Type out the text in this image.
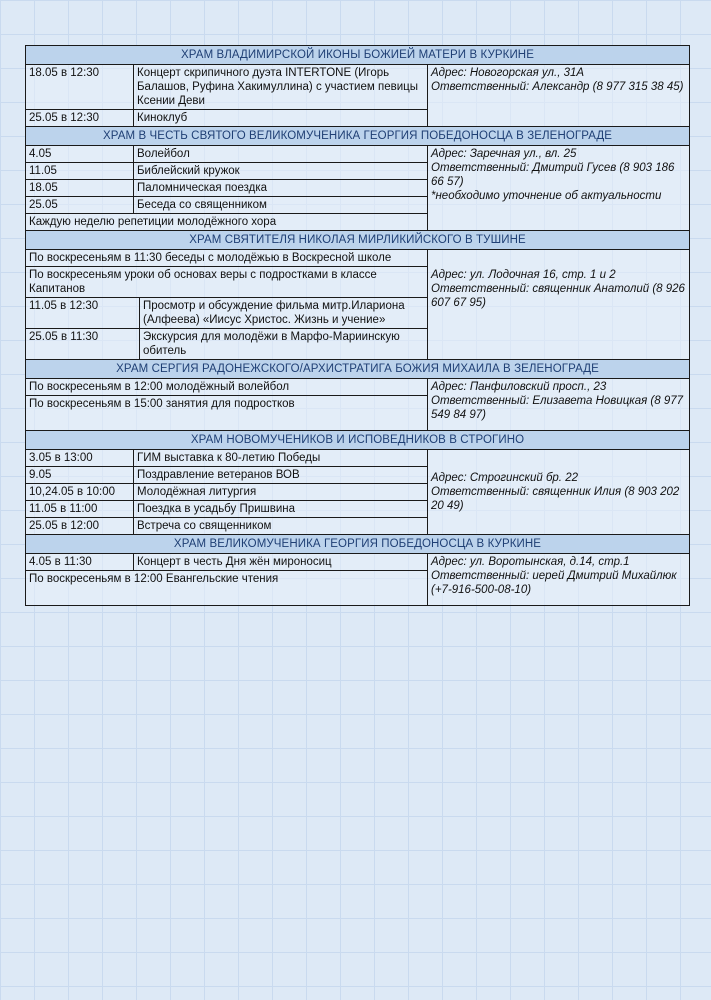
ХРАМ ВЛАДИМИРСКОЙ ИКОНЫ БОЖИЕЙ МАТЕРИ В КУРКИНЕ			
18.05 в 12:30	Концерт скрипичного дуэта INTERTONE (Игорь Балашов, Руфина Хакимуллина) с участием певицы Ксении Деви		Адрес: Новогорская ул., 31А
Ответственный: Александр (8 977 315 38 45)

25.05 в 12:30	Киноклуб		
ХРАМ В ЧЕСТЬ СВЯТОГО ВЕЛИКОМУЧЕНИКА ГЕОРГИЯ ПОБЕДОНОСЦА В ЗЕЛЕНОГРАДЕ			
4.05	Волейбол		Адрес: Заречная ул., вл. 25
Ответственный: Дмитрий Гусев (8 903 186 66 57)
*необходимо уточнение об актуальности

11.05	Библейский кружок		
18.05	Паломническая поездка		
25.05	Беседа со священником		
Каждую неделю репетиции молодёжного хора			
ХРАМ СВЯТИТЕЛЯ НИКОЛАЯ МИРЛИКИЙСКОГО В ТУШИНЕ			
По воскресеньям в 11:30 беседы с молодёжью в Воскресной школе			Адрес: ул. Лодочная 16, стр. 1 и 2
Ответственный: священник Анатолий (8 926 607 67 95)

По воскресеньям уроки об основах веры с подростками в классе Капитанов			
11.05 в 12:30		Просмотр и обсуждение фильма митр.Илариона (Алфеева) «Иисус Христос. Жизнь и учение»	
25.05 в 11:30		Экскурсия для молодёжи в Марфо-Мариинскую обитель	
ХРАМ СЕРГИЯ РАДОНЕЖСКОГО/АРХИСТРАТИГА БОЖИЯ МИХАИЛА В ЗЕЛЕНОГРАДЕ			
По воскресеньям в 12:00 молодёжный волейбол			Адрес: Панфиловский просп., 23
Ответственный: Елизавета Новицкая (8 977 549 84 97)

По воскресеньям в 15:00 занятия для подростков			
ХРАМ НОВОМУЧЕНИКОВ И ИСПОВЕДНИКОВ В СТРОГИНО			
3.05 в 13:00	ГИМ выставка к 80-летию Победы		Адрес: Строгинский бр. 22
Ответственный: священник Илия (8 903 202 20 49)

9.05	Поздравление ветеранов ВОВ		
10,24.05 в 10:00	Молодёжная литургия		
11.05 в 11:00	Поездка в усадьбу Пришвина		
25.05 в 12:00	Встреча со священником		
ХРАМ ВЕЛИКОМУЧЕНИКА ГЕОРГИЯ ПОБЕДОНОСЦА В КУРКИНЕ			
4.05 в 11:30	Концерт в честь Дня жён мироносиц		Адрес: ул. Воротынская, д.14, стр.1
Ответственный: иерей Дмитрий Михайлюк (+7-916-500-08-10)

По воскресеньям в 12:00 Евангельские чтения			
